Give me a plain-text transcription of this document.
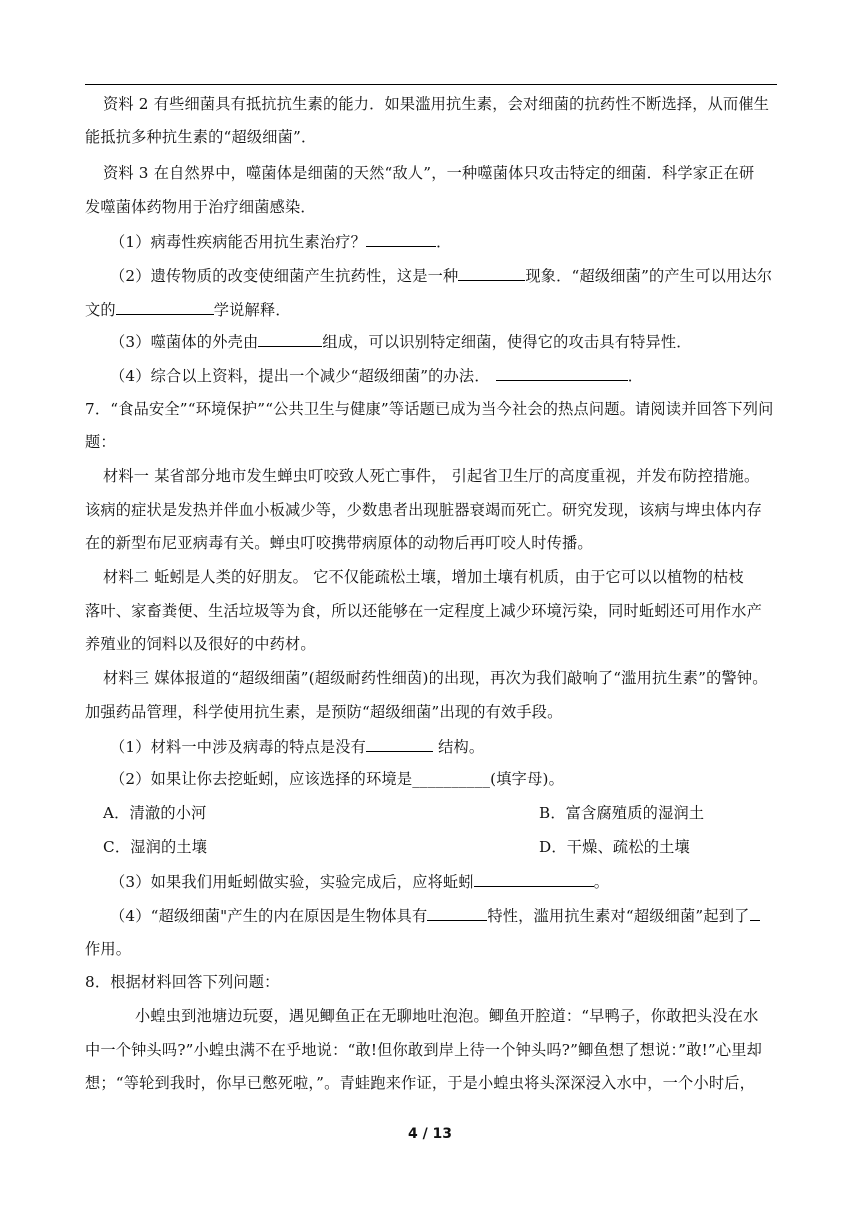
资料 2 有些细菌具有抵抗抗生素的能力．如果滥用抗生素，会对细菌的抗药性不断选择，从而催生
能抵抗多种抗生素的“超级细菌”．
资料 3 在自然界中，噬菌体是细菌的天然“敌人”，一种噬菌体只攻击特定的细菌．科学家正在研
发噬菌体药物用于治疗细菌感染．
（1）病毒性疾病能否用抗生素治疗？	．
（2）遗传物质的改变使细菌产生抗药性，这是一种	现象．“超级细菌”的产生可以用达尔
文的	学说解释．
（3）噬菌体的外壳由	组成，可以识别特定细菌，使得它的攻击具有特异性．
（4）综合以上资料，提出一个减少“超级细菌”的办法．	．
7．“食品安全”“环境保护”“公共卫生与健康”等话题已成为当今社会的热点问题。请阅读并回答下列问
题：
材料一 某省部分地市发生蝉虫叮咬致人死亡事件， 引起省卫生厅的高度重视，并发布防控措施。
该病的症状是发热并伴血小板减少等，少数患者出现脏器衰竭而死亡。研究发现，该病与埤虫体内存
在的新型布尼亚病毒有关。蝉虫叮咬携带病原体的动物后再叮咬人时传播。
材料二 蚯蚓是人类的好朋友。 它不仅能疏松土壤，增加土壤有机质，由于它可以以植物的枯枝
落叶、家畜粪便、生活垃圾等为食，所以还能够在一定程度上减少环境污染，同时蚯蚓还可用作水产
养殖业的饲料以及很好的中药材。
材料三 媒体报道的“超级细菌”(超级耐药性细茵)的出现，再次为我们敲响了“滥用抗生素”的警钟。
加强药品管理，科学使用抗生素，是预防“超级细菌”出现的有效手段。
（1）材料一中涉及病毒的特点是没有	结构。
（2）如果让你去挖蚯蚓，应该选择的环境是__________(填字母)。
A．清澈的小河	B．富含腐殖质的湿润土
C．湿润的土壤	D．干燥、疏松的土壤
（3）如果我们用蚯蚓做实验，实验完成后，应将蚯蚓	。
（4）“超级细菌"产生的内在原因是生物体具有	特性，滥用抗生素对“超级细菌”起到了
作用。
8．根据材料回答下列问题：
小蝗虫到池塘边玩耍，遇见鲫鱼正在无聊地吐泡泡。鲫鱼开腔道：“早鸭子，你敢把头没在水
中一个钟头吗?”小蝗虫满不在乎地说：“敢!但你敢到岸上待一个钟头吗?”鲫鱼想了想说：”敢!”心里却
想；“等轮到我时，你早已憋死啦，”。青蛙跑来作证，于是小蝗虫将头深深浸入水中，一个小时后，
4 / 13
